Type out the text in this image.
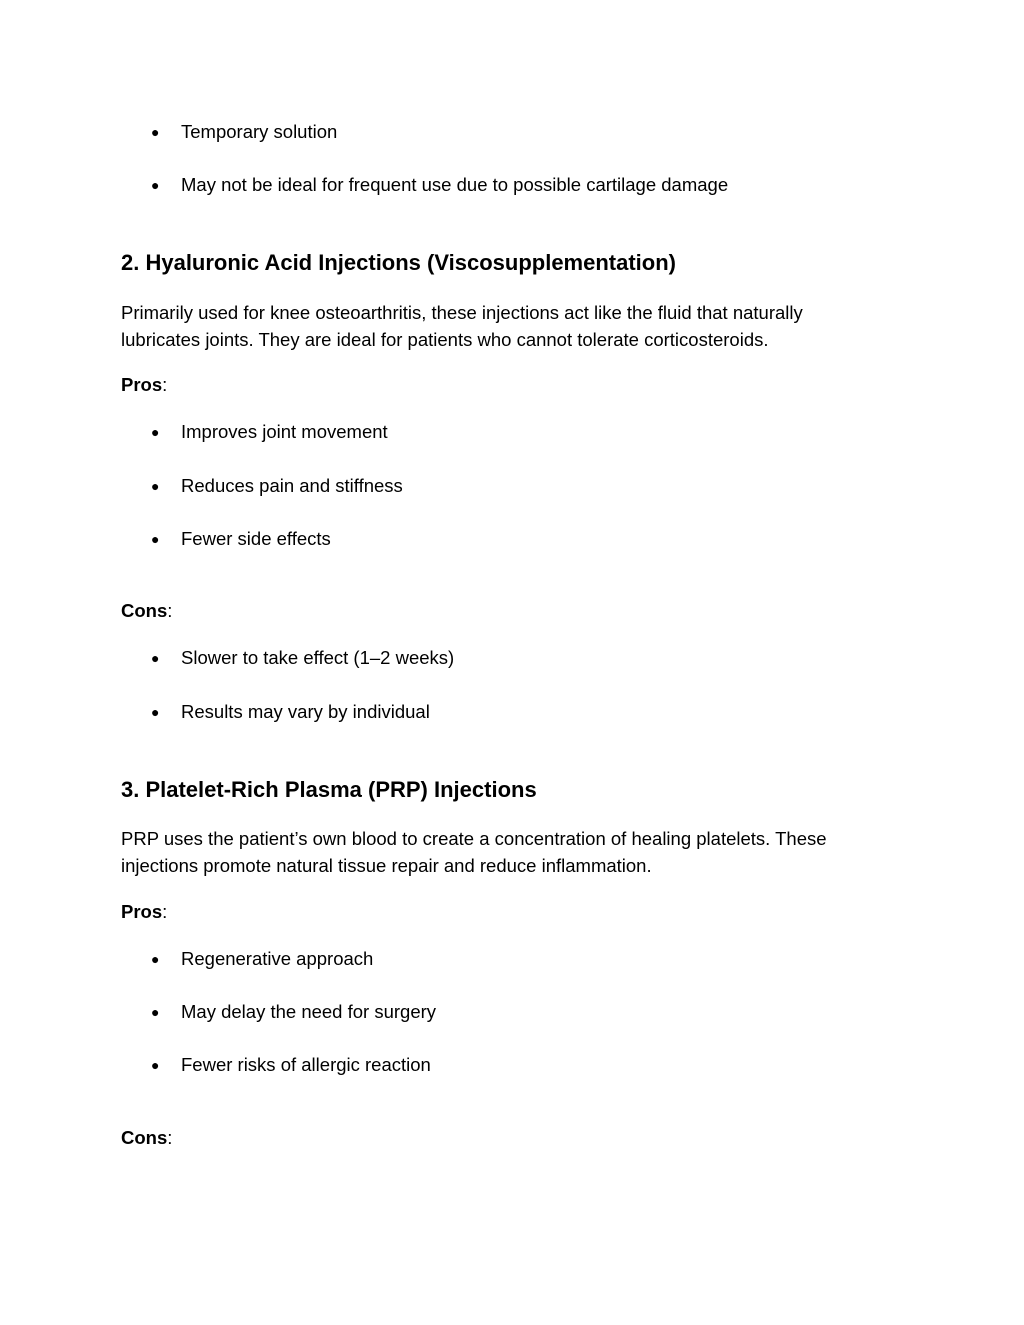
● Temporary solution
● May not be ideal for frequent use due to possible cartilage damage
2. Hyaluronic Acid Injections (Viscosupplementation)
Primarily used for knee osteoarthritis, these injections act like the fluid that naturally
lubricates joints. They are ideal for patients who cannot tolerate corticosteroids.
Pros:
● Improves joint movement
● Reduces pain and stiffness
● Fewer side effects
Cons:
● Slower to take effect (1–2 weeks)
● Results may vary by individual
3. Platelet-Rich Plasma (PRP) Injections
PRP uses the patient’s own blood to create a concentration of healing platelets. These
injections promote natural tissue repair and reduce inflammation.
Pros:
● Regenerative approach
● May delay the need for surgery
● Fewer risks of allergic reaction
Cons:
